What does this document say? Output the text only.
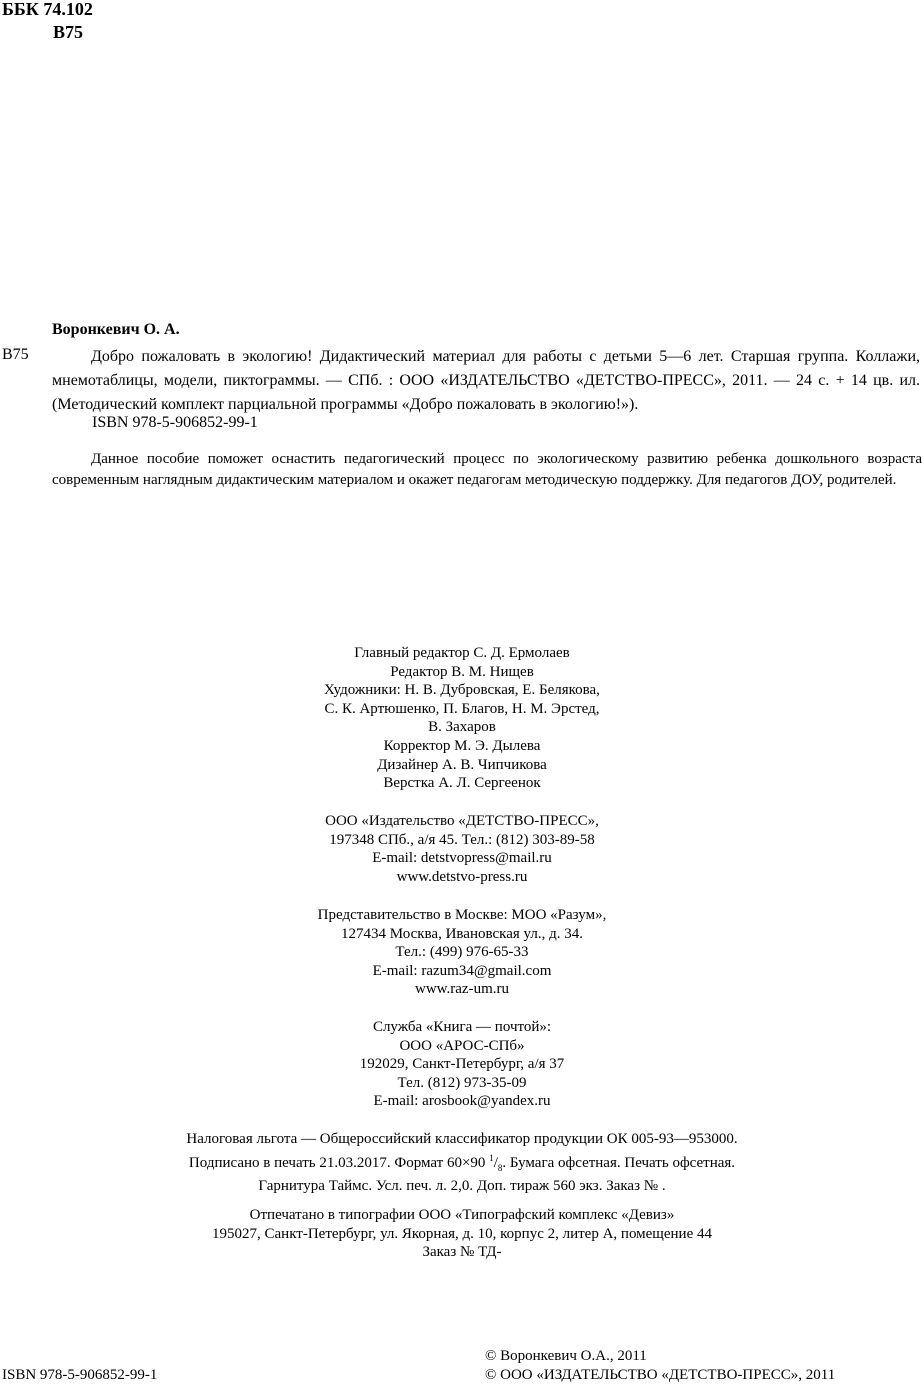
ББК 74.102
В75
Воронкевич О. А.
В75	Добро пожаловать в экологию! Дидактический материал для работы с детьми 5—6 лет. Старшая группа. Коллажи, мнемотаблицы, модели, пиктограммы. — СПб. : ООО «ИЗДАТЕЛЬСТВО «ДЕТСТВО-ПРЕСС», 2011. — 24 с. + 14 цв. ил. (Методический комплект парциальной программы «Добро пожаловать в экологию!»).
ISBN 978-5-906852-99-1
Данное пособие поможет оснастить педагогический процесс по экологическому развитию ребенка дошкольного возраста современным наглядным дидактическим материалом и окажет педагогам методическую поддержку. Для педагогов ДОУ, родителей.
Главный редактор С. Д. Ермолаев
Редактор В. М. Нищев
Художники: Н. В. Дубровская, Е. Белякова,
С. К. Артюшенко, П. Благов, Н. М. Эрстед,
В. Захаров
Корректор М. Э. Дылева
Дизайнер А. В. Чипчикова
Верстка А. Л. Сергеенок
ООО «Издательство «ДЕТСТВО-ПРЕСС»,
197348 СПб., а/я 45. Тел.: (812) 303-89-58
E-mail: detstvopress@mail.ru
www.detstvo-press.ru
Представительство в Москве: МОО «Разум»,
127434 Москва, Ивановская ул., д. 34.
Тел.: (499) 976-65-33
E-mail: razum34@gmail.com
www.raz-um.ru
Служба «Книга — почтой»:
ООО «АРОС-СПб»
192029, Санкт-Петербург, а/я 37
Тел. (812) 973-35-09
E-mail: arosbook@yandex.ru
Налоговая льгота — Общероссийский классификатор продукции ОК 005-93—953000.
Подписано в печать 21.03.2017. Формат 60×90 $^1/_8$. Бумага офсетная. Печать офсетная.
Гарнитура Таймс. Усл. печ. л. 2,0. Доп. тираж 560 экз. Заказ № .
Отпечатано в типографии ООО «Типографский комплекс «Девиз»
195027, Санкт-Петербург, ул. Якорная, д. 10, корпус 2, литер А, помещение 44
Заказ № ТД-
© Воронкевич О.А., 2011
ISBN 978-5-906852-99-1	© ООО «ИЗДАТЕЛЬСТВО «ДЕТСТВО-ПРЕСС», 2011
